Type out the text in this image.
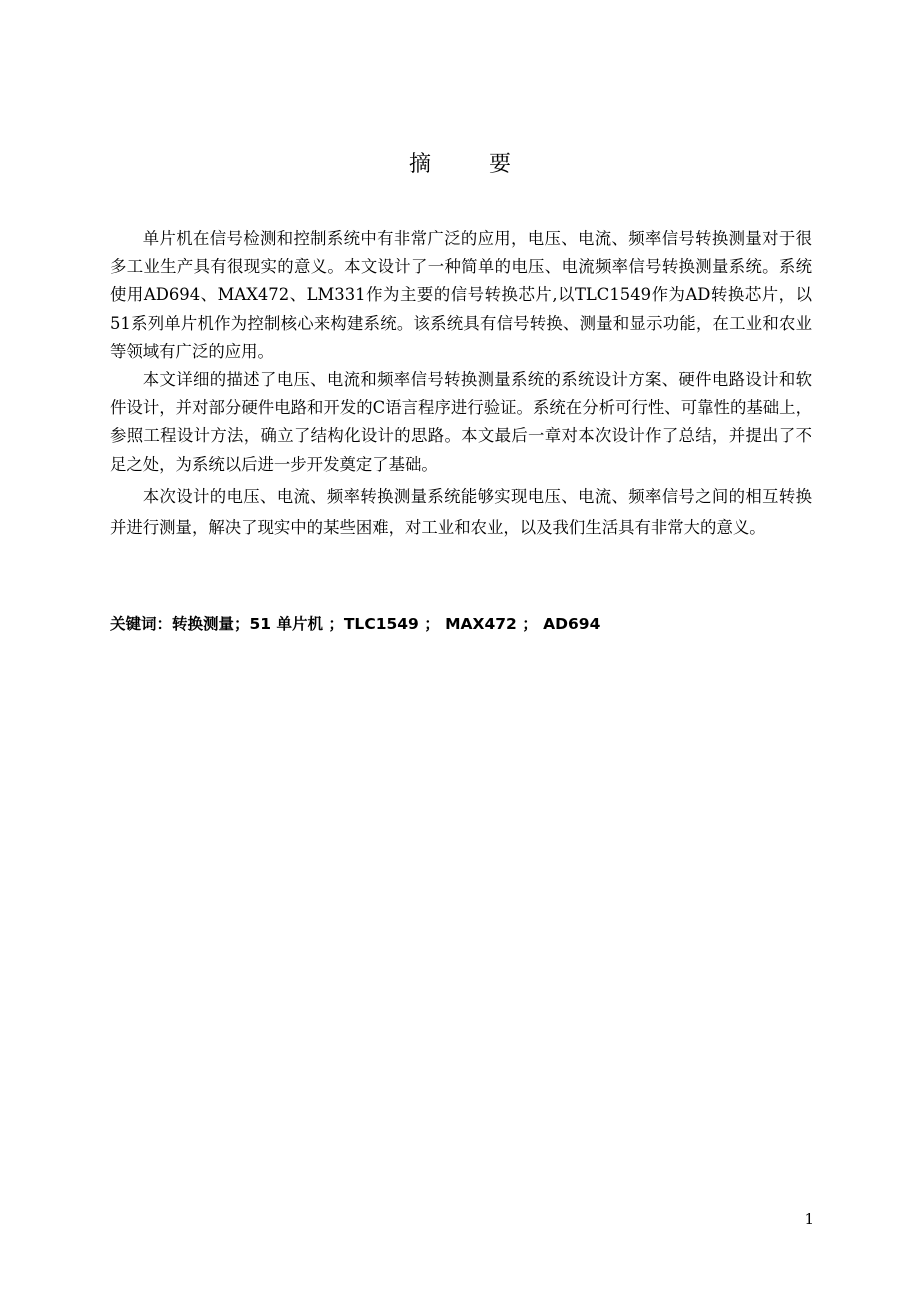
摘　要

单片机在信号检测和控制系统中有非常广泛的应用，电压、电流、频率信号转换测量对于很多工业生产具有很现实的意义。本文设计了一种简单的电压、电流频率信号转换测量系统。系统使用AD694、MAX472、LM331作为主要的信号转换芯片,以TLC1549作为AD转换芯片，以51系列单片机作为控制核心来构建系统。该系统具有信号转换、测量和显示功能，在工业和农业等领域有广泛的应用。

本文详细的描述了电压、电流和频率信号转换测量系统的系统设计方案、硬件电路设计和软件设计，并对部分硬件电路和开发的C语言程序进行验证。系统在分析可行性、可靠性的基础上，参照工程设计方法，确立了结构化设计的思路。本文最后一章对本次设计作了总结，并提出了不足之处，为系统以后进一步开发奠定了基础。

本次设计的电压、电流、频率转换测量系统能够实现电压、电流、频率信号之间的相互转换并进行测量，解决了现实中的某些困难，对工业和农业，以及我们生活具有非常大的意义。

关键词：转换测量；51 单片机 ；TLC1549 ； MAX472 ； AD694
1
